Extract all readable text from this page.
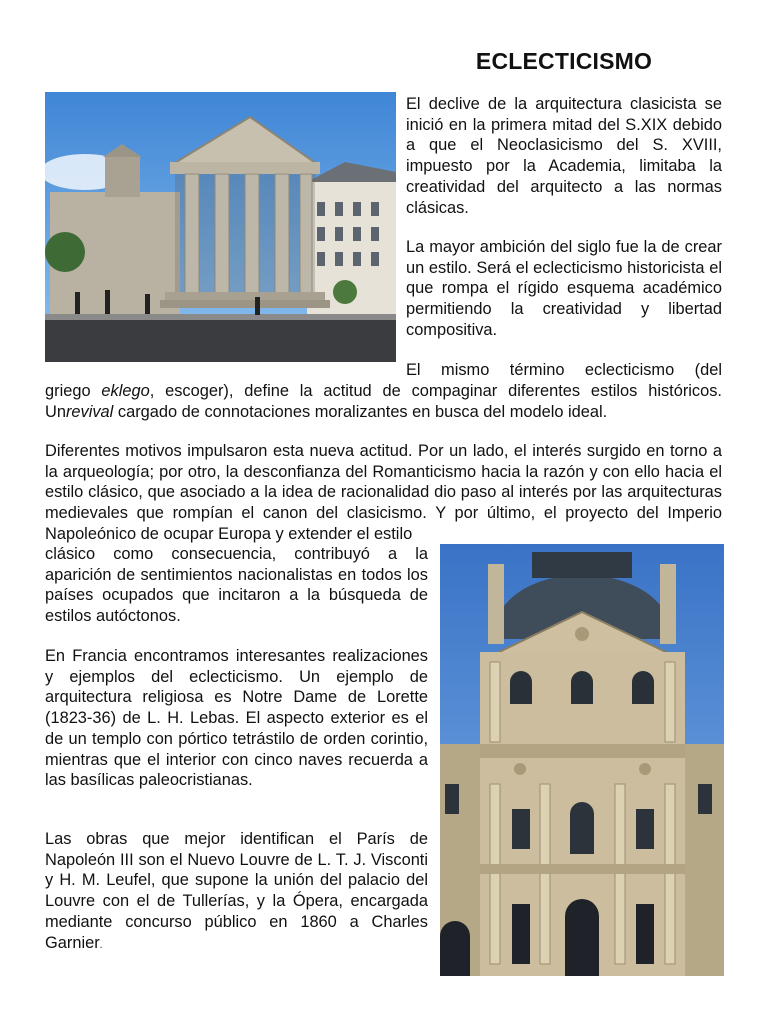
ECLECTICISMO

El declive de la arquitectura clasicista se inició en la primera mitad del S.XIX debido a que el Neoclasicismo del S. XVIII, impuesto por la Academia, limitaba la creatividad del arquitecto a las normas clásicas.

La mayor ambición del siglo fue la de crear un estilo. Será el eclecticismo historicista el que rompa el rígido esquema académico permitiendo la creatividad y libertad compositiva.

El mismo término eclecticismo (del

griego eklego, escoger), define la actitud de compaginar diferentes estilos históricos. Unrevival cargado de connotaciones moralizantes en busca del modelo ideal.

Diferentes motivos impulsaron esta nueva actitud. Por un lado, el interés surgido en torno a la arqueología; por otro, la desconfianza del Romanticismo hacia la razón y con ello hacia el estilo clásico, que asociado a la idea de racionalidad dio paso al interés por las arquitecturas medievales que rompían el canon del clasicismo. Y por último, el proyecto del Imperio Napoleónico de ocupar Europa y extender el estilo

clásico como consecuencia, contribuyó a la aparición de sentimientos nacionalistas en todos los países ocupados que incitaron a la búsqueda de estilos autóctonos.

En Francia encontramos interesantes realizaciones y ejemplos del eclecticismo. Un ejemplo de arquitectura religiosa es Notre Dame de Lorette (1823-36) de L. H. Lebas. El aspecto exterior es el de un templo con pórtico tetrástilo de orden corintio, mientras que el interior con cinco naves recuerda a las basílicas paleocristianas.

Las obras que mejor identifican el París de Napoleón III son el Nuevo Louvre de L. T. J. Visconti y H. M. Leufel, que supone la unión del palacio del Louvre con el de Tullerías, y la Ópera, encargada mediante concurso público en 1860 a Charles Garnier.
